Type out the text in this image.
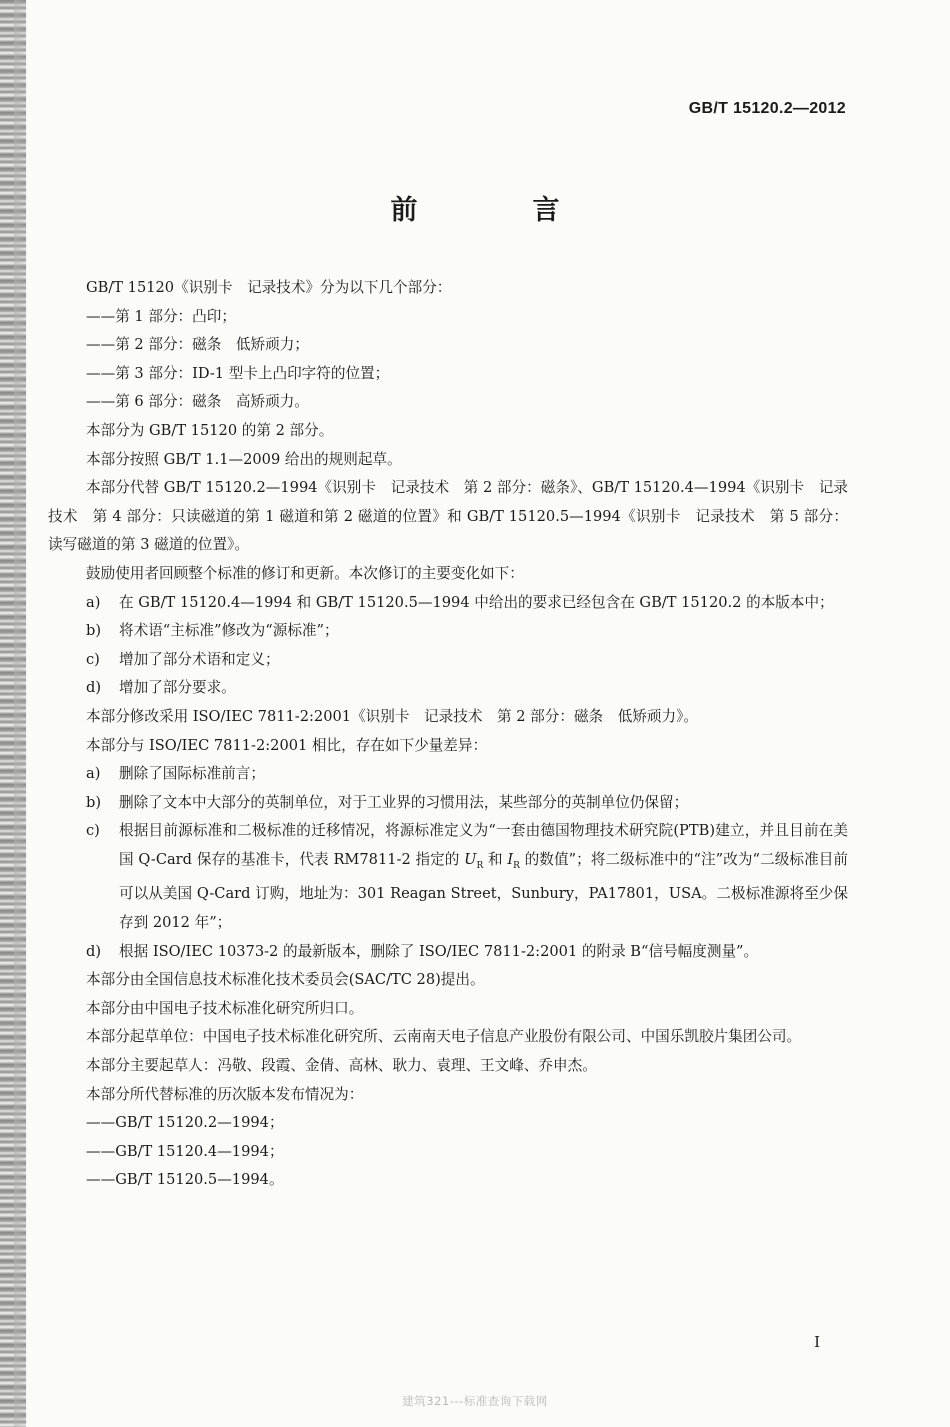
GB/T 15120.2—2012
前　言
GB/T 15120《识别卡　记录技术》分为以下几个部分：
——第 1 部分：凸印；
——第 2 部分：磁条　低矫顽力；
——第 3 部分：ID-1 型卡上凸印字符的位置；
——第 6 部分：磁条　高矫顽力。
本部分为 GB/T 15120 的第 2 部分。
本部分按照 GB/T 1.1—2009 给出的规则起草。
本部分代替 GB/T 15120.2—1994《识别卡　记录技术　第 2 部分：磁条》、GB/T 15120.4—1994《识别卡　记录技术　第 4 部分：只读磁道的第 1 磁道和第 2 磁道的位置》和 GB/T 15120.5—1994《识别卡　记录技术　第 5 部分：读写磁道的第 3 磁道的位置》。
鼓励使用者回顾整个标准的修订和更新。本次修订的主要变化如下：
a)	在 GB/T 15120.4—1994 和 GB/T 15120.5—1994 中给出的要求已经包含在 GB/T 15120.2 的本版本中；
b)	将术语“主标准”修改为“源标准”；
c)	增加了部分术语和定义；
d)	增加了部分要求。
本部分修改采用 ISO/IEC 7811-2:2001《识别卡　记录技术　第 2 部分：磁条　低矫顽力》。
本部分与 ISO/IEC 7811-2:2001 相比，存在如下少量差异：
a)	删除了国际标准前言；
b)	删除了文本中大部分的英制单位，对于工业界的习惯用法，某些部分的英制单位仍保留；
c)	根据目前源标准和二极标准的迁移情况，将源标准定义为“一套由德国物理技术研究院(PTB)建立，并且目前在美国 Q-Card 保存的基准卡，代表 RM7811-2 指定的 $U_R$ 和 $I_R$ 的数值”；将二级标准中的“注”改为“二级标准目前可以从美国 Q-Card 订购，地址为：301 Reagan Street，Sunbury，PA17801，USA。二极标准源将至少保存到 2012 年”；
d)	根据 ISO/IEC 10373-2 的最新版本，删除了 ISO/IEC 7811-2:2001 的附录 B“信号幅度测量”。
本部分由全国信息技术标准化技术委员会(SAC/TC 28)提出。
本部分由中国电子技术标准化研究所归口。
本部分起草单位：中国电子技术标准化研究所、云南南天电子信息产业股份有限公司、中国乐凯胶片集团公司。
本部分主要起草人：冯敬、段霞、金倩、高林、耿力、袁理、王文峰、乔申杰。
本部分所代替标准的历次版本发布情况为：
——GB/T 15120.2—1994；
——GB/T 15120.4—1994；
——GB/T 15120.5—1994。
I
建筑321---标准查询下载网
